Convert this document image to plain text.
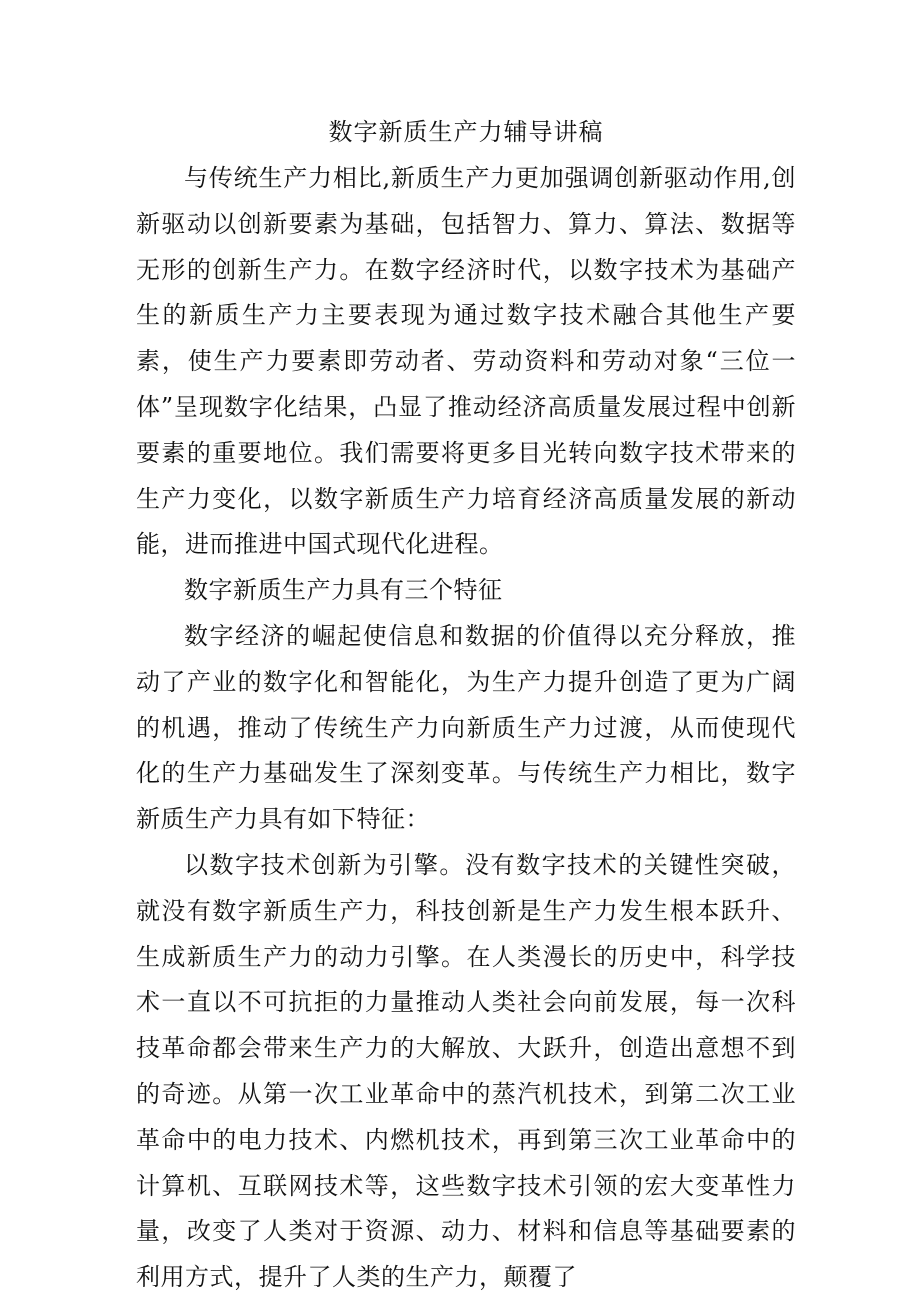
数字新质生产力辅导讲稿

与传统生产力相比,新质生产力更加强调创新驱动作用,创新驱动以创新要素为基础，包括智力、算力、算法、数据等无形的创新生产力。在数字经济时代，以数字技术为基础产生的新质生产力主要表现为通过数字技术融合其他生产要素，使生产力要素即劳动者、劳动资料和劳动对象“三位一体”呈现数字化结果，凸显了推动经济高质量发展过程中创新要素的重要地位。我们需要将更多目光转向数字技术带来的生产力变化，以数字新质生产力培育经济高质量发展的新动能，进而推进中国式现代化进程。

数字新质生产力具有三个特征

数字经济的崛起使信息和数据的价值得以充分释放，推动了产业的数字化和智能化，为生产力提升创造了更为广阔的机遇，推动了传统生产力向新质生产力过渡，从而使现代化的生产力基础发生了深刻变革。与传统生产力相比，数字新质生产力具有如下特征：

以数字技术创新为引擎。没有数字技术的关键性突破，就没有数字新质生产力，科技创新是生产力发生根本跃升、生成新质生产力的动力引擎。在人类漫长的历史中，科学技术一直以不可抗拒的力量推动人类社会向前发展，每一次科技革命都会带来生产力的大解放、大跃升，创造出意想不到的奇迹。从第一次工业革命中的蒸汽机技术，到第二次工业革命中的电力技术、内燃机技术，再到第三次工业革命中的计算机、互联网技术等，这些数字技术引领的宏大变革性力量，改变了人类对于资源、动力、材料和信息等基础要素的利用方式，提升了人类的生产力，颠覆了
